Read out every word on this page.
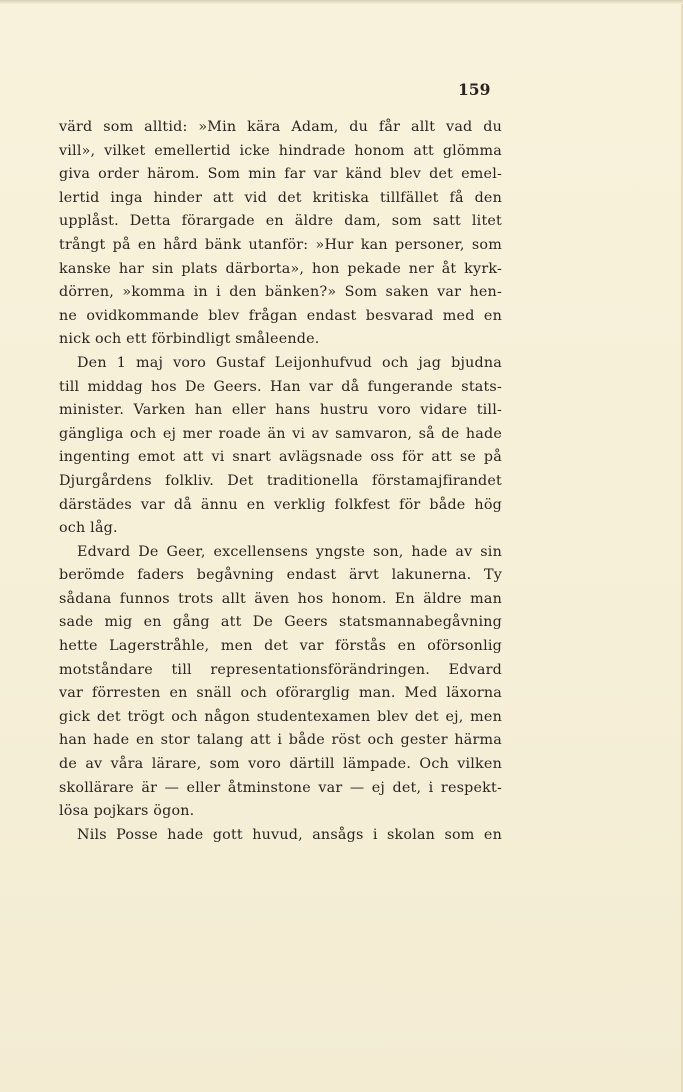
159
värd som alltid: »Min kära Adam, du får allt vad du
vill», vilket emellertid icke hindrade honom att glömma
giva order härom. Som min far var känd blev det emel-
lertid inga hinder att vid det kritiska tillfället få den
upplåst. Detta förargade en äldre dam, som satt litet
trångt på en hård bänk utanför: »Hur kan personer, som
kanske har sin plats därborta», hon pekade ner åt kyrk-
dörren, »komma in i den bänken?» Som saken var hen-
ne ovidkommande blev frågan endast besvarad med en
nick och ett förbindligt småleende.
Den 1 maj voro Gustaf Leijonhufvud och jag bjudna
till middag hos De Geers. Han var då fungerande stats-
minister. Varken han eller hans hustru voro vidare till-
gängliga och ej mer roade än vi av samvaron, så de hade
ingenting emot att vi snart avlägsnade oss för att se på
Djurgårdens folkliv. Det traditionella förstamajfirandet
därstädes var då ännu en verklig folkfest för både hög
och låg.
Edvard De Geer, excellensens yngste son, hade av sin
berömde faders begåvning endast ärvt lakunerna. Ty
sådana funnos trots allt även hos honom. En äldre man
sade mig en gång att De Geers statsmannabegåvning
hette Lagerstråhle, men det var förstås en oförsonlig
motståndare till representationsförändringen. Edvard
var förresten en snäll och oförarglig man. Med läxorna
gick det trögt och någon studentexamen blev det ej, men
han hade en stor talang att i både röst och gester härma
de av våra lärare, som voro därtill lämpade. Och vilken
skollärare är — eller åtminstone var — ej det, i respekt-
lösa pojkars ögon.
Nils Posse hade gott huvud, ansågs i skolan som en
